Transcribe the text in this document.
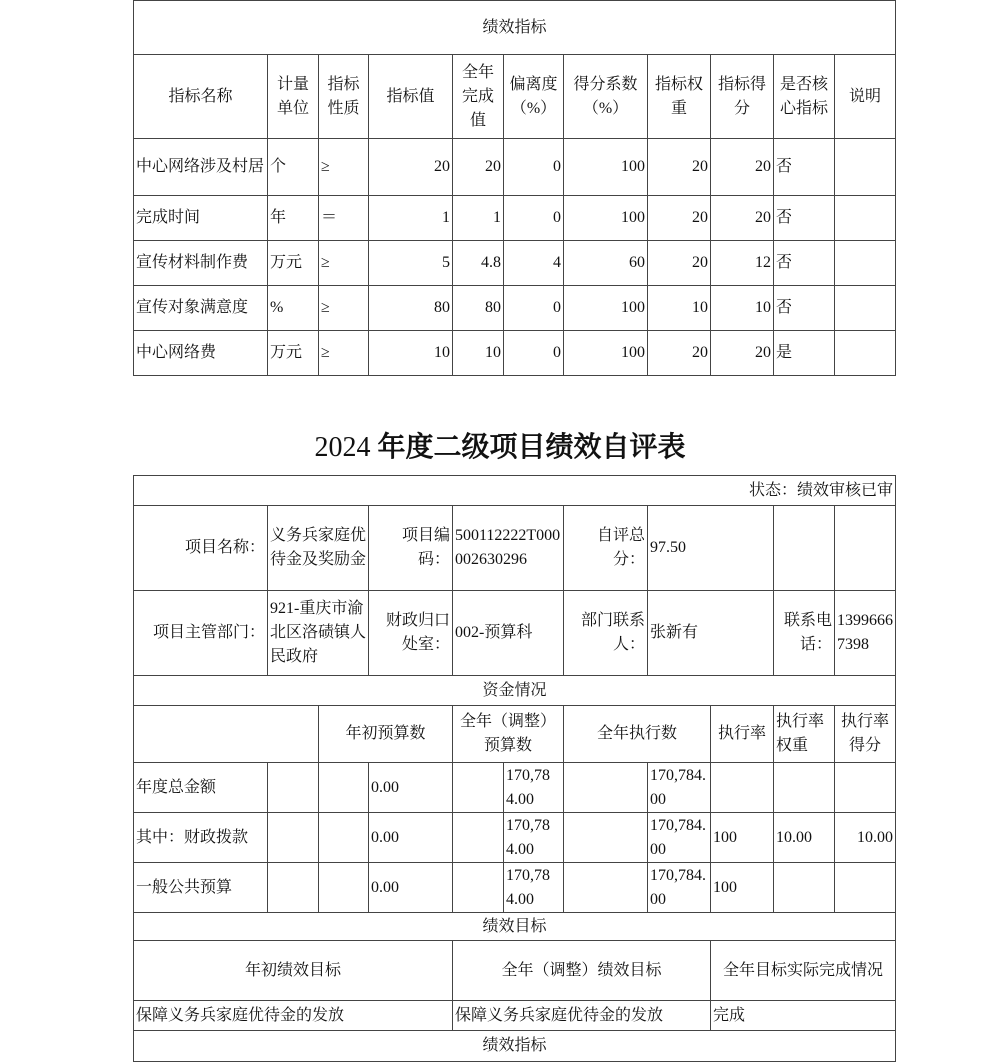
绩效指标										
指标名称	计量单位	指标性质	指标值	全年完成值	偏离度（%）	得分系数（%）	指标权重	指标得分	是否核心指标	说明
中心网络涉及村居	个	≥	20	20	0	100	20	20	否	
完成时间	年	＝	1	1	0	100	20	20	否	
宣传材料制作费	万元	≥	5	4.8	4	60	20	12	否	
宣传对象满意度	%	≥	80	80	0	100	10	10	否	
中心网络费	万元	≥	10	10	0	100	20	20	是	
2024 年度二级项目绩效自评表
状态：绩效审核已审										
项目名称：	义务兵家庭优待金及奖励金		项目编码：	500112222T000002630296		自评总分：	97.50			
项目主管部门：	921-重庆市渝北区洛碛镇人民政府		财政归口处室：	002-预算科		部门联系人：	张新有		联系电话：	13996667398
资金情况										
		年初预算数		全年（调整）预算数		全年执行数		执行率	执行率权重	执行率得分
年度总金额			0.00		170,784.00		170,784.00			
其中：财政拨款			0.00		170,784.00		170,784.00	100	10.00	10.00
一般公共预算			0.00		170,784.00		170,784.00	100		
绩效目标										
年初绩效目标				全年（调整）绩效目标				全年目标实际完成情况		
保障义务兵家庭优待金的发放				保障义务兵家庭优待金的发放				完成		
绩效指标										
